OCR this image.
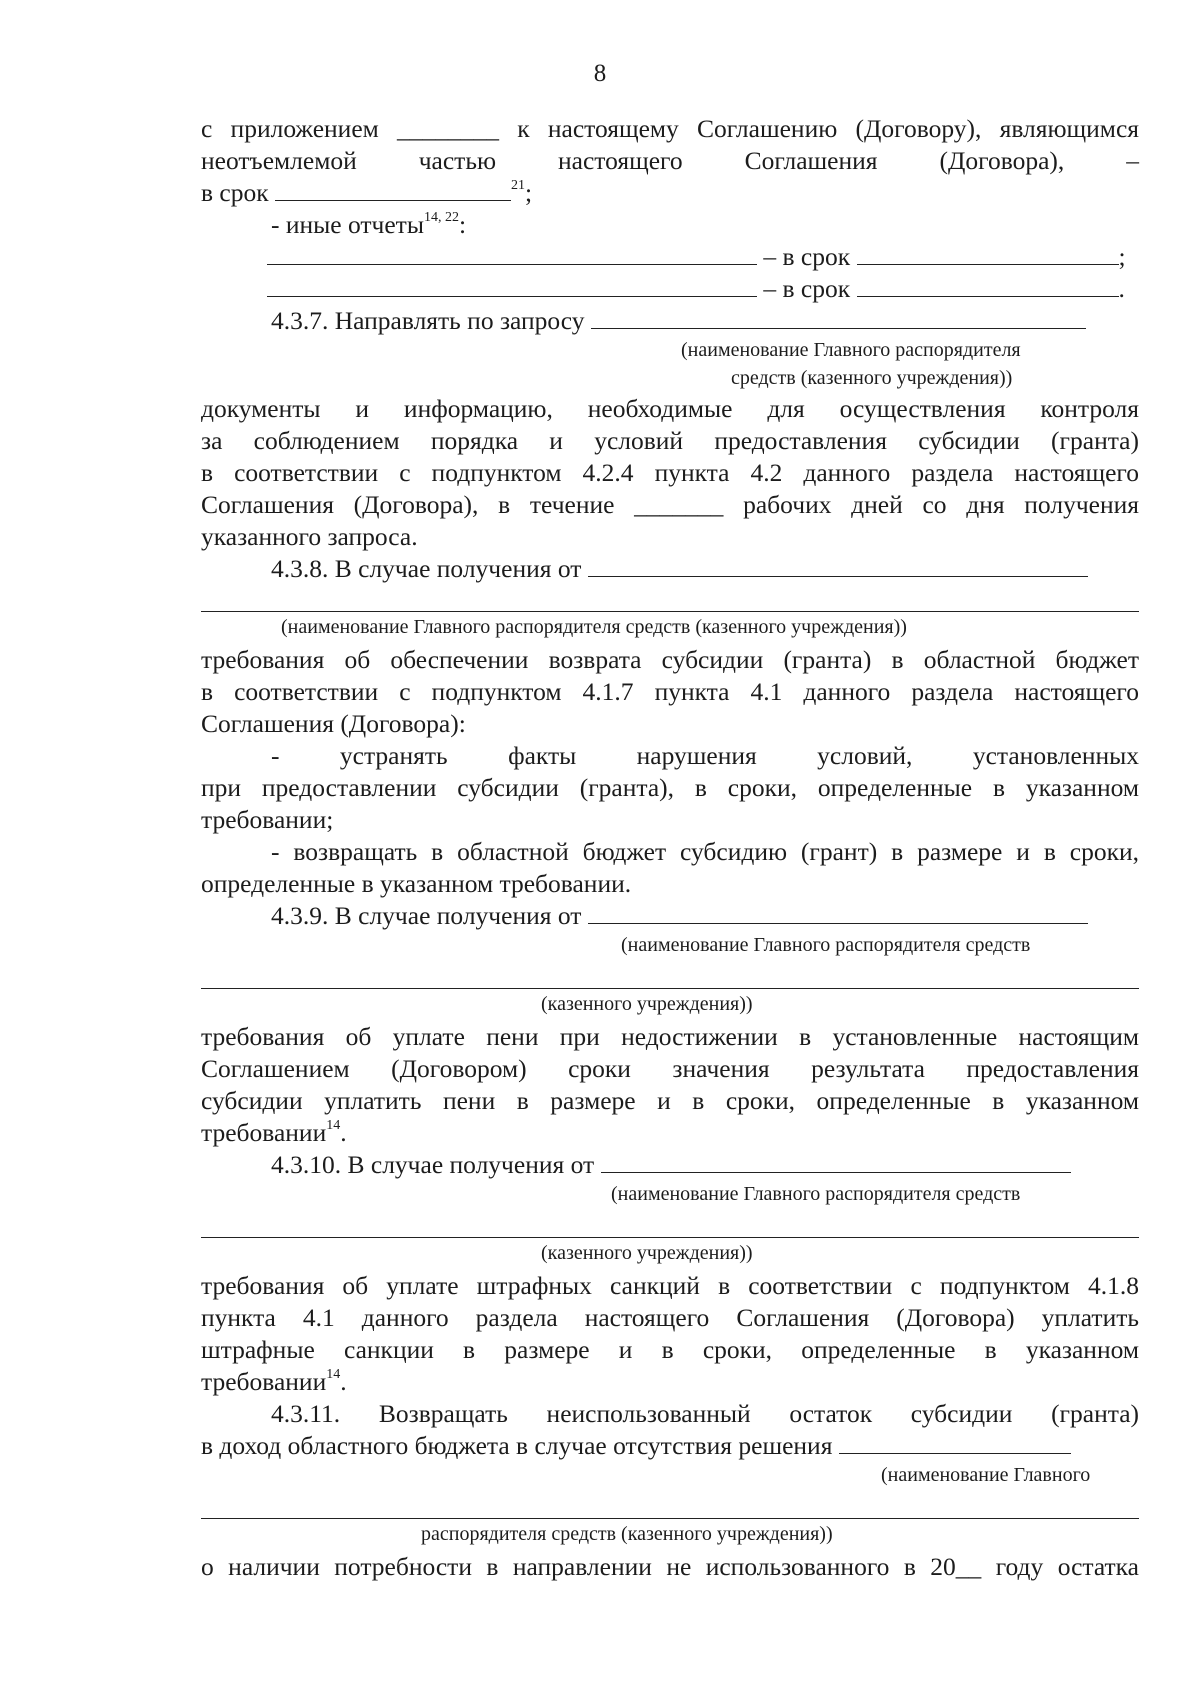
8
с приложением ________ к настоящему Соглашению (Договору), являющимся
неотъемлемой частью настоящего Соглашения (Договора), –
в срок	$^{21}$;
- иные отчеты$^{14, 22}$:
– в срок	;
– в срок	.
4.3.7. Направлять по запросу
(наименование Главного распорядителя
средств (казенного учреждения))
документы и информацию, необходимые для осуществления контроля
за соблюдением порядка и условий предоставления субсидии (гранта)
в соответствии с подпунктом 4.2.4 пункта 4.2 данного раздела настоящего
Соглашения (Договора), в течение _______ рабочих дней со дня получения
указанного запроса.
4.3.8. В случае получения от
(наименование Главного распорядителя средств (казенного учреждения))
требования об обеспечении возврата субсидии (гранта) в областной бюджет
в соответствии с подпунктом 4.1.7 пункта 4.1 данного раздела настоящего
Соглашения (Договора):
- устранять факты нарушения условий, установленных
при предоставлении субсидии (гранта), в сроки, определенные в указанном
требовании;
- возвращать в областной бюджет субсидию (грант) в размере и в сроки,
определенные в указанном требовании.
4.3.9. В случае получения от
(наименование Главного распорядителя средств
(казенного учреждения))
требования об уплате пени при недостижении в установленные настоящим
Соглашением (Договором) сроки значения результата предоставления
субсидии уплатить пени в размере и в сроки, определенные в указанном
требовании$^{14}$.
4.3.10. В случае получения от
(наименование Главного распорядителя средств
(казенного учреждения))
требования об уплате штрафных санкций в соответствии с подпунктом 4.1.8
пункта 4.1 данного раздела настоящего Соглашения (Договора) уплатить
штрафные санкции в размере и в сроки, определенные в указанном
требовании$^{14}$.
4.3.11. Возвращать неиспользованный остаток субсидии (гранта)
в доход областного бюджета в случае отсутствия решения
(наименование Главного
распорядителя средств (казенного учреждения))
о наличии потребности в направлении не использованного в 20__ году остатка
